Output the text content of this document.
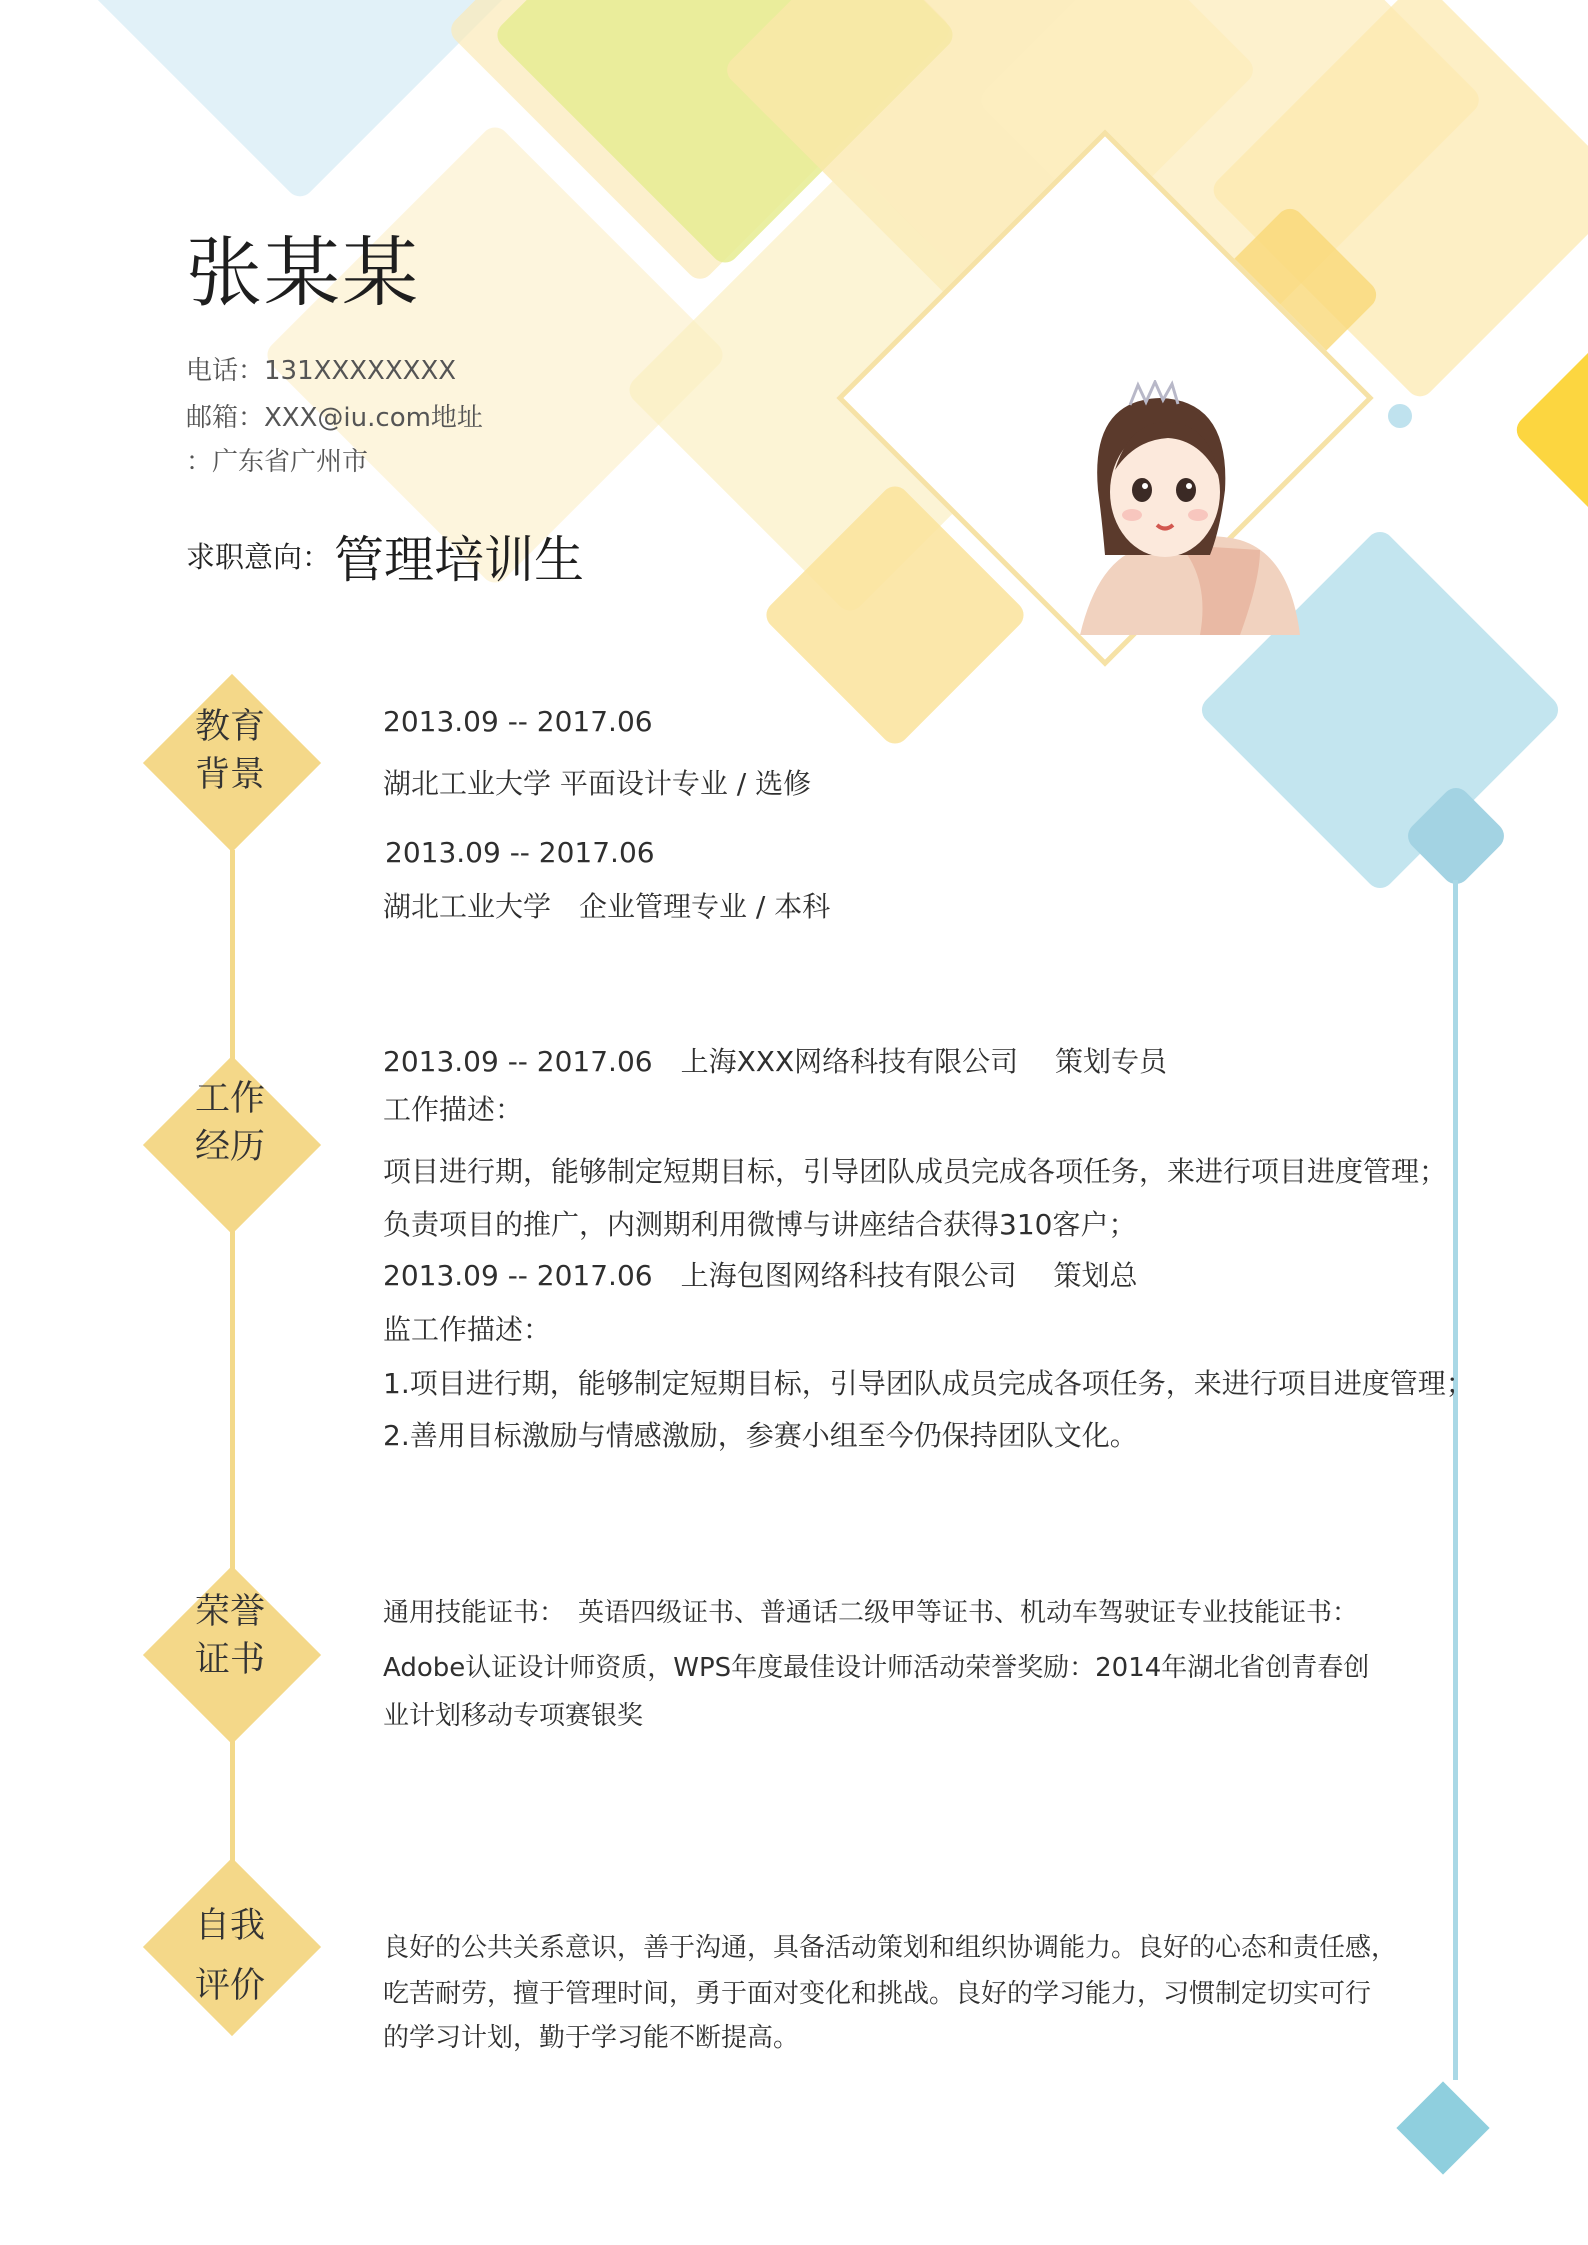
张某某
电话：131XXXXXXXX
邮箱：XXX@iu.com地址
：广东省广州市
求职意向： 管理培训生
教育
背景
工作
经历
荣誉
证书
自我
评价
2013.09 -- 2017.06
湖北工业大学 平面设计专业 / 选修
2013.09 -- 2017.06
湖北工业大学　企业管理专业 / 本科
2013.09 -- 2017.06　上海XXX网络科技有限公司　 策划专员
工作描述：
项目进行期，能够制定短期目标，引导团队成员完成各项任务，来进行项目进度管理；
负责项目的推广，内测期利用微博与讲座结合获得310客户；
2013.09 -- 2017.06　上海包图网络科技有限公司　 策划总
监工作描述：
1.项目进行期，能够制定短期目标，引导团队成员完成各项任务，来进行项目进度管理；
2.善用目标激励与情感激励，参赛小组至今仍保持团队文化。
通用技能证书：　英语四级证书、普通话二级甲等证书、机动车驾驶证专业技能证书：
Adobe认证设计师资质，WPS年度最佳设计师活动荣誉奖励：2014年湖北省创青春创
业计划移动专项赛银奖
良好的公共关系意识，善于沟通，具备活动策划和组织协调能力。良好的心态和责任感，
吃苦耐劳，擅于管理时间，勇于面对变化和挑战。良好的学习能力，习惯制定切实可行
的学习计划，勤于学习能不断提高。
